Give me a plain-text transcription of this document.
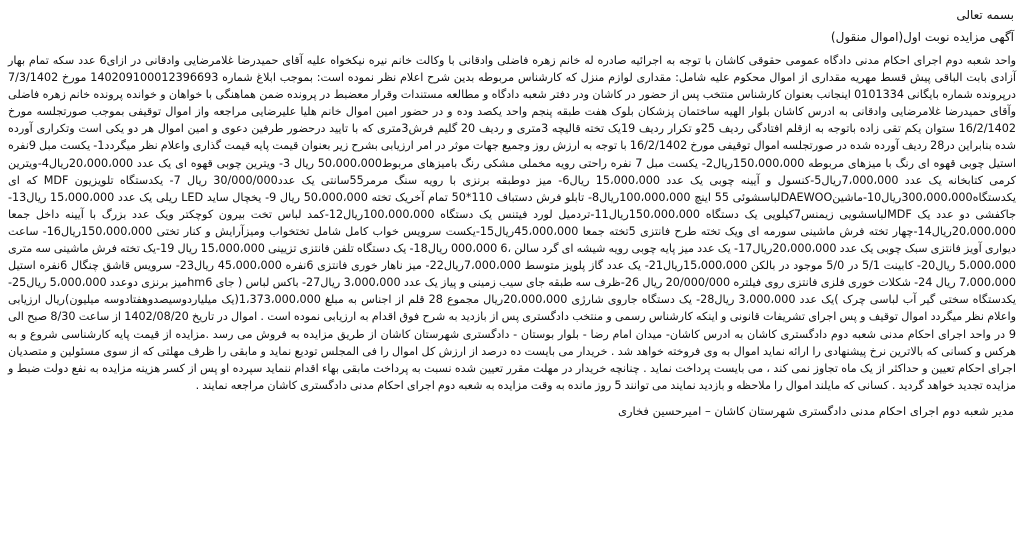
بسمه تعالی
آگهی مزایده نوبت اول(اموال منقول)

واحد شعبه دوم اجرای احکام مدنی دادگاه عمومی حقوقی کاشان با توجه به اجرائیه صادره له خانم زهره فاضلی وادقانی با وکالت خانم نیره نیکخواه علیه آقای حمیدرضا غلامرضایی وادقانی در ازای6 عدد سکه تمام بهار آزادی بابت الباقی پیش قسط مهریه مقداری از اموال محکوم علیه شامل: مقداری لوازم منزل که کارشناس مربوطه بدین شرح اعلام نظر نموده است: بموجب ابلاغ شماره 140209100012396693 مورخ 7/3/1402 درپرونده شماره بایگانی 0101334 اینجانب بعنوان کارشناس منتخب پس از حضور در کاشان ودر دفتر شعبه دادگاه و مطالعه مستندات وقرار معضبط در پرونده ضمن هماهنگی با خواهان و خوانده پرونده خانم زهره فاضلی وآقای حمیدرضا غلامرضایی وادقانی به ادرس کاشان بلوار الهیه ساختمان پزشکان بلوک هفت طبقه پنجم واحد یکصد وده و در حضور امین اموال خانم هلیا علیرضایی مراجعه واز اموال توقیفی بموجب صورتجلسه مورخ 16/2/1402 ستوان یکم تقی زاده باتوجه به ازقلم افتادگی ردیف 25و تکرار ردیف 19یک تخته قالیچه 3متری و ردیف 20 گلیم فرش3متری که با تایید درحضور طرفین دعوی و امین اموال هر دو یکی است وتکراری آورده شده بنابراین در28 ردیف آورده شده در صورتجلسه اموال توقیفی مورخ 16/2/1402 با توجه به ارزش روز وجمیع جهات موثر در امر ارزیابی بشرح زیر بعنوان قیمت پایه قیمت گذاری واعلام نظر میگردد1- یکست مبل 9نفره استیل چوبی قهوه ای رنگ با میزهای مربوطه 150،000،000ریال2- یکست مبل 7 نفره راحتی رویه مخملی مشکی رنگ بامیزهای مربوط50،000،000 ریال 3- ویترین چوبی قهوه ای یک عدد 20،000،000ریال4-ویترین کرمی کتابخانه یک عدد 7،000،000ریال5-کنسول و آیینه چوبی یک عدد 15،000،000 ریال6- میز دوطبقه برنزی با رویه سنگ مرمر55سانتی یک عدد30/000/000 ریال 7- یکدستگاه تلویزیون MDF که ای یکدستگاه300،000،000ریال10-ماشینDAEWOOلباسشوئی 55 اینچ 100،000،000ریال8- تابلو فرش دستباف 110*50 تمام آخریک تخته 50،000،000 ریال 9- یخچال ساید LED ریلی یک عدد 15،000،000 ریال13- جاکفشی دو عدد یک MDFلباسشویی زیمنس7کیلویی یک دستگاه 150،000،000ریال11-تردمیل لورد فیتنس یک دستگاه 100،000،000ریال12-کمد لباس تخت بیرون کوچکتر ویک عدد بزرگ با آیینه داخل جمعا 20،000،000ریال14-چهار تخته فرش ماشینی سورمه ای ویک تخته طرح فانتزی 5تخته جمعا 45،000،000ریال15-یکست سرویس خواب کامل شامل تختخواب ومیزآرایش و کنار تختی 150،000،000ریال16- ساعت دیواری آویز فانتزی سبک چوبی یک عدد 20،000،000ریال17- یک عدد میز پایه چوبی رویه شیشه ای گرد سالن ،6 000،000 ریال18- یک دستگاه تلفن فانتزی تزیینی 15،000،000 ریال 19-یک تخته فرش ماشینی سه متری 5،000،000 ریال20- کابینت 5/1 در 5/0 موجود در بالکن 15،000،000ریال21- یک عدد گاز پلویز متوسط 7،000،000ریال22- میز ناهار خوری فانتزی 6نفره 45،000،000 ریال23- سرویس قاشق چنگال 6نفره استیل 7،000،000 ریال 24- شکلات خوری فلزی فانتزی روی فیلتره 20/000/000 ریال 26-ظرف سه طبقه جای سیب زمینی و پیاز یک عدد 3،000،000 ریال27- باکس لباس ( جای hm6میز برنزی دوعدد 5،000،000 ریال25- یکدستگاه سختی گیر آب لباسی چرک )یک عدد 3،000،000 ریال28- یک دستگاه جاروی شارژی 20،000،000ریال مجموع 28 قلم از اجناس به مبلغ 1،373،000،000(یک میلیاردوسیصدوهفتادوسه میلیون)ریال ارزیابی واعلام نظر میگردد اموال توقیف و پس اجرای تشریفات قانونی و اینکه کارشناس رسمی و منتخب دادگستری پس از بازدید به شرح فوق اقدام به ارزیابی نموده است . اموال در تاریخ 1402/08/20 از ساعت 8/30 صبح الی 9 در واحد اجرای احکام مدنی شعبه دوم دادگستری کاشان به ادرس کاشان- میدان امام رضا - بلوار بوستان - دادگستری شهرستان کاشان از طریق مزایده به فروش می رسد .مزایده از قیمت پایه کارشناسی شروع و به هرکس و کسانی که بالاترین نرخ پیشنهادی را ارائه نماید اموال به وی فروخته خواهد شد . خریدار می بایست ده درصد از ارزش کل اموال را فی المجلس تودیع نماید و مابقی را ظرف مهلتی که از سوی مسئولین و متصدیان اجرای احکام تعیین و حداکثر از یک ماه تجاوز نمی کند ، می بایست پرداخت نماید . چنانچه خریدار در مهلت مقرر تعیین شده نسبت به پرداخت مابقی بهاء اقدام ننماید سپرده او پس از کسر هزینه مزایده به نفع دولت ضبط و مزایده تجدید خواهد گردید . کسانی که مایلند اموال را ملاحظه و بازدید نمایند می توانند 5 روز مانده به وقت مزایده به شعبه دوم اجرای احکام مدنی دادگستری کاشان مراجعه نمایند .

مدیر شعبه دوم اجرای احکام مدنی دادگستری شهرستان کاشان – امیرحسین فخاری
